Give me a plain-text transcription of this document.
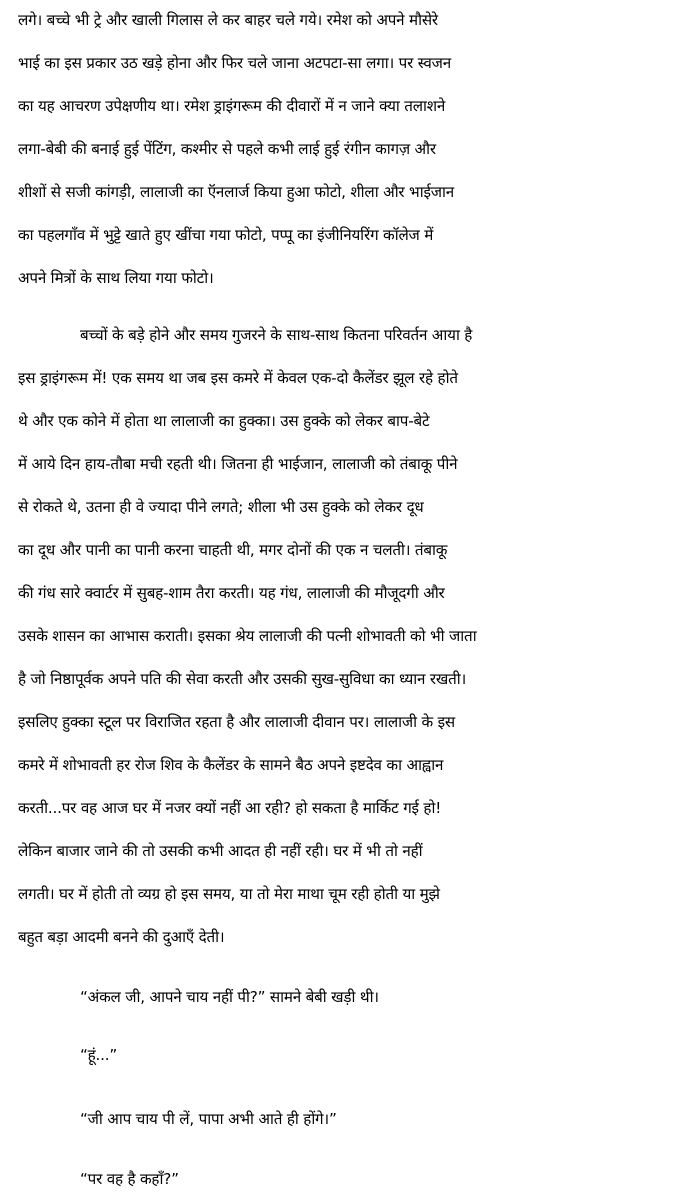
लगे। बच्चे भी ट्रे और खाली गिलास ले कर बाहर चले गये। रमेश को अपने मौसेरे
भाई का इस प्रकार उठ खड़े होना और फिर चले जाना अटपटा-सा लगा। पर स्वजन
का यह आचरण उपेक्षणीय था। रमेश ड्राइंगरूम की दीवारों में न जाने क्या तलाशने
लगा-बेबी की बनाई हुई पेंटिंग, कश्मीर से पहले कभी लाई हुई रंगीन कागज़ और
शीशों से सजी कांगड़ी, लालाजी का ऍनलार्ज किया हुआ फोटो, शीला और भाईजान
का पहलगाँव में भुट्टे खाते हुए खींचा गया फोटो, पप्पू का इंजीनियरिंग कॉलेज में
अपने मित्रों के साथ लिया गया फोटो।
बच्चों के बड़े होने और समय गुजरने के साथ-साथ कितना परिवर्तन आया है
इस ड्राइंगरूम में! एक समय था जब इस कमरे में केवल एक-दो कैलेंडर झूल रहे होते
थे और एक कोने में होता था लालाजी का हुक्का। उस हुक्के को लेकर बाप-बेटे
में आये दिन हाय-तौबा मची रहती थी। जितना ही भाईजान, लालाजी को तंबाकू पीने
से रोकते थे, उतना ही वे ज्यादा पीने लगते; शीला भी उस हुक्के को लेकर दूध
का दूध और पानी का पानी करना चाहती थी, मगर दोनों की एक न चलती। तंबाकू
की गंध सारे क्वार्टर में सुबह-शाम तैरा करती। यह गंध, लालाजी की मौजूदगी और
उसके शासन का आभास कराती। इसका श्रेय लालाजी की पत्नी शोभावती को भी जाता
है जो निष्ठापूर्वक अपने पति की सेवा करती और उसकी सुख-सुविधा का ध्यान रखती।
इसलिए हुक्का स्टूल पर विराजित रहता है और लालाजी दीवान पर। लालाजी के इस
कमरे में शोभावती हर रोज शिव के कैलेंडर के सामने बैठ अपने इष्टदेव का आह्वान
करती...पर वह आज घर में नजर क्यों नहीं आ रही? हो सकता है मार्किट गई हो!
लेकिन बाजार जाने की तो उसकी कभी आदत ही नहीं रही। घर में भी तो नहीं
लगती। घर में होती तो व्यग्र हो इस समय, या तो मेरा माथा चूम रही होती या मुझे
बहुत बड़ा आदमी बनने की दुआएँ देती।
“अंकल जी, आपने चाय नहीं पी?” सामने बेबी खड़ी थी।
“हूं...”
“जी आप चाय पी लें, पापा अभी आते ही होंगे।”
“पर वह है कहाँ?”
